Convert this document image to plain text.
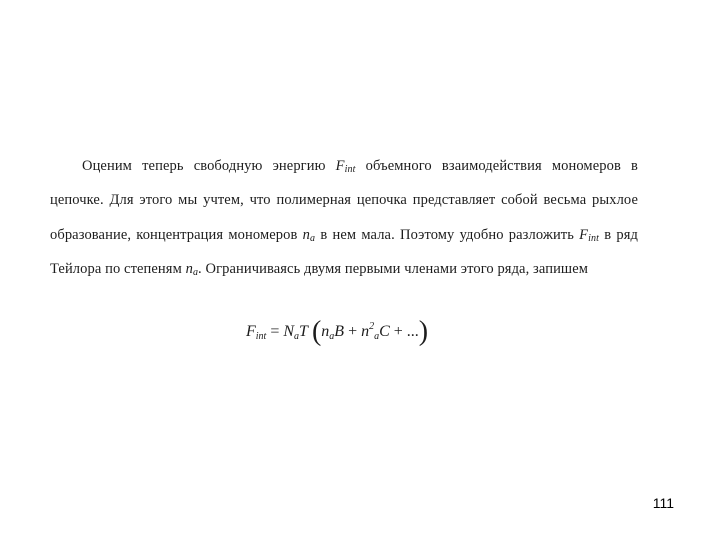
Оценим теперь свободную энергию $F_{int}$ объемного взаимодействия мономеров в цепочке. Для этого мы учтем, что полимерная цепочка представляет собой весьма рыхлое образование, концентрация мономеров $n_a$ в нем мала. Поэтому удобно разложить $F_{int}$ в ряд Тейлора по степеням $n_a$. Ограничиваясь двумя первыми членами этого ряда, запишем

$F_{int} = N_aT$ ($n_aB + n^2_aC$ + ...)
111
